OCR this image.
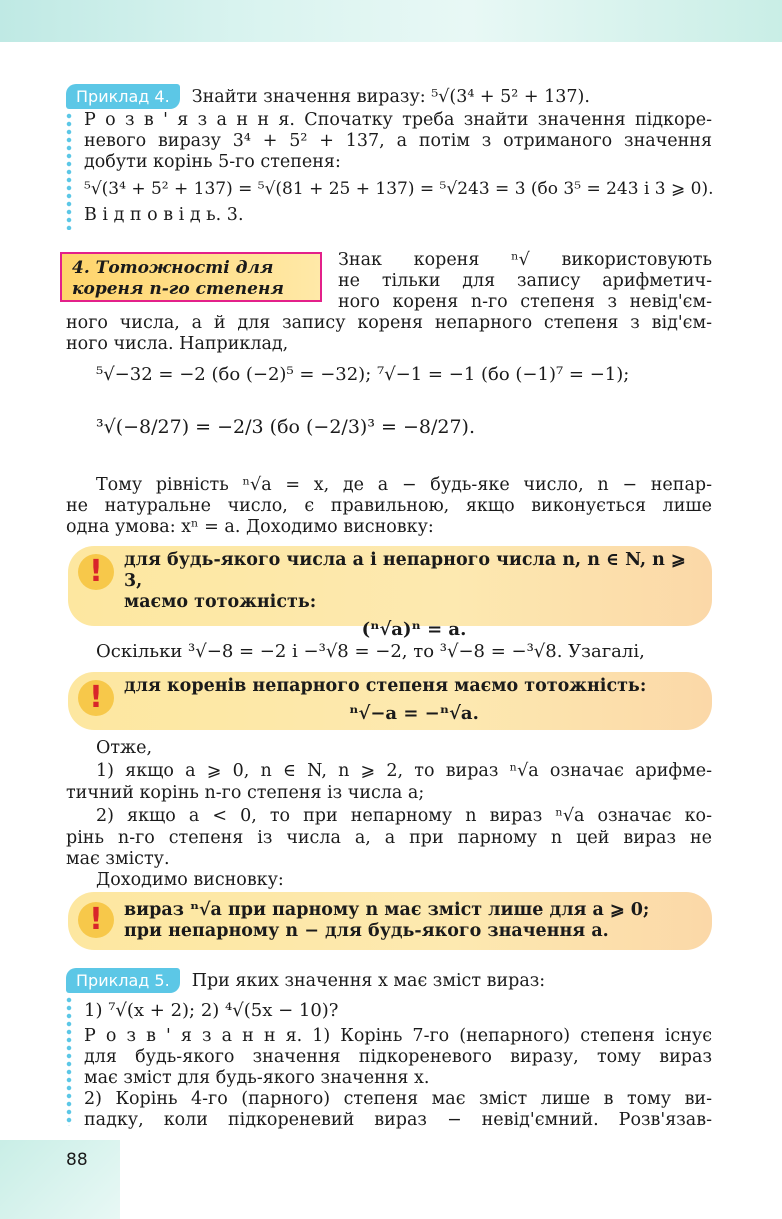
Приклад 4. Знайти значення виразу: ⁵√(3⁴ + 5² + 137).
Р о з в ' я з а н н я. Спочатку треба знайти значення підкоре-
невого виразу 3⁴ + 5² + 137, а потім з отриманого значення
добути корінь 5-го степеня:
⁵√(3⁴ + 5² + 137) = ⁵√(81 + 25 + 137) = ⁵√243 = 3 (бо 3⁵ = 243 і 3 ⩾ 0).
В і д п о в і д ь. 3.
4. Тотожності для
кореня n-го степеня
Знак кореня ⁿ√ використовують
не тільки для запису арифметич-
ного кореня n-го степеня з невід'єм-
ного числа, а й для запису кореня непарного степеня з від'єм-
ного числа. Наприклад,
⁵√−32 = −2 (бо (−2)⁵ = −32); ⁷√−1 = −1 (бо (−1)⁷ = −1);
³√(−8/27) = −2/3 (бо (−2/3)³ = −8/27).
Тому рівність ⁿ√a = x, де a − будь-яке число, n − непар-
не натуральне число, є правильною, якщо виконується лише
одна умова: xⁿ = a. Доходимо висновку:
!	для будь-якого числа a і непарного числа n, n ∈ N, n ⩾ 3,
маємо тотожність:
(ⁿ√a)ⁿ = a.
Оскільки ³√−8 = −2 і −³√8 = −2, то ³√−8 = −³√8. Узагалі,
!	для коренів непарного степеня маємо тотожність:
ⁿ√−a = −ⁿ√a.
Отже,
1) якщо a ⩾ 0, n ∈ N, n ⩾ 2, то вираз ⁿ√a означає арифме-
тичний корінь n-го степеня із числа a;
2) якщо a < 0, то при непарному n вираз ⁿ√a означає ко-
рінь n-го степеня із числа a, а при парному n цей вираз не
має змісту.
Доходимо висновку:
!	вираз ⁿ√a при парному n має зміст лише для a ⩾ 0;
при непарному n − для будь-якого значення a.
Приклад 5. При яких значення x має зміст вираз:
1) ⁷√(x + 2); 2) ⁴√(5x − 10)?
Р о з в ' я з а н н я. 1) Корінь 7-го (непарного) степеня існує
для будь-якого значення підкореневого виразу, тому вираз
має зміст для будь-якого значення x.
2) Корінь 4-го (парного) степеня має зміст лише в тому ви-
падку, коли підкореневий вираз − невід'ємний. Розв'язав-
88
